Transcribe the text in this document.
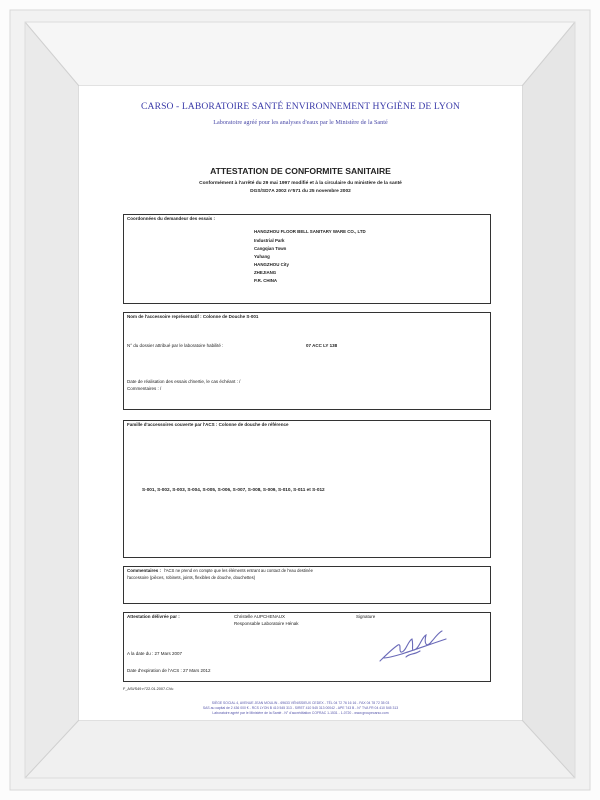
CARSO - LABORATOIRE SANTÉ ENVIRONNEMENT HYGIÈNE DE LYON
Laboratoire agréé pour les analyses d'eaux par le Ministère de la Santé
ATTESTATION DE CONFORMITE SANITAIRE
Conformément à l'arrêté du 29 mai 1997 modifié et à la circulaire du ministère de la santé
DGS/SD7A 2002 n°571 du 25 novembre 2002
Coordonnées du demandeur des essais :
HANGZHOU FLOOR BELL SANITARY WARE CO., LTD
Industrial Park
Cangqian Town
Yuhang
HANGZHOU City
ZHEJIANG
P.R. CHINA
Nom de l'accessoire représentatif : Colonne de Douche S-001
N° du dossier attribué par le laboratoire habilité :	07 ACC LY 138
Date de réalisation des essais d'inertie, le cas échéant : /
Commentaires : /
Famille d'accessoires couverte par l'ACS : Colonne de douche de référence
S-001, S-002, S-003, S-004, S-005, S-006, S-007, S-008, S-009, S-010, S-011 et S-012
Commentaires : l'ACS ne prend en compte que les éléments entrant au contact de l'eau destinée
l'accessoire (pièces, robinets, joints, flexibles de douche, douchettes)
Attestation délivrée par :	Christelle AUPCHENAUX
Responsable Laboratoire Hénak
Signature
A la date du : 27 Mars 2007
Date d'expiration de l'ACS : 27 Mars 2012
F_ASI/S49 n°22.01.2007.CVu
SIÈGE SOCIAL 4, AVENUE JEAN MOULIN - 69633 VÉNISSIEUX CEDEX - TÉL 04 72 76 16 16 - FAX 04 78 72 35 03
SAS au capital de 2 436 000 € - RCS LYON B 410 545 313 - SIRET 410 545 313 00042 - APE 743 B - N° TVA FR 04 410 545 313
Laboratoire agréé par le Ministère de la Santé - N° d'accréditation COFRAC 1-1531 - 1-0720 - www.groupecarso.com
